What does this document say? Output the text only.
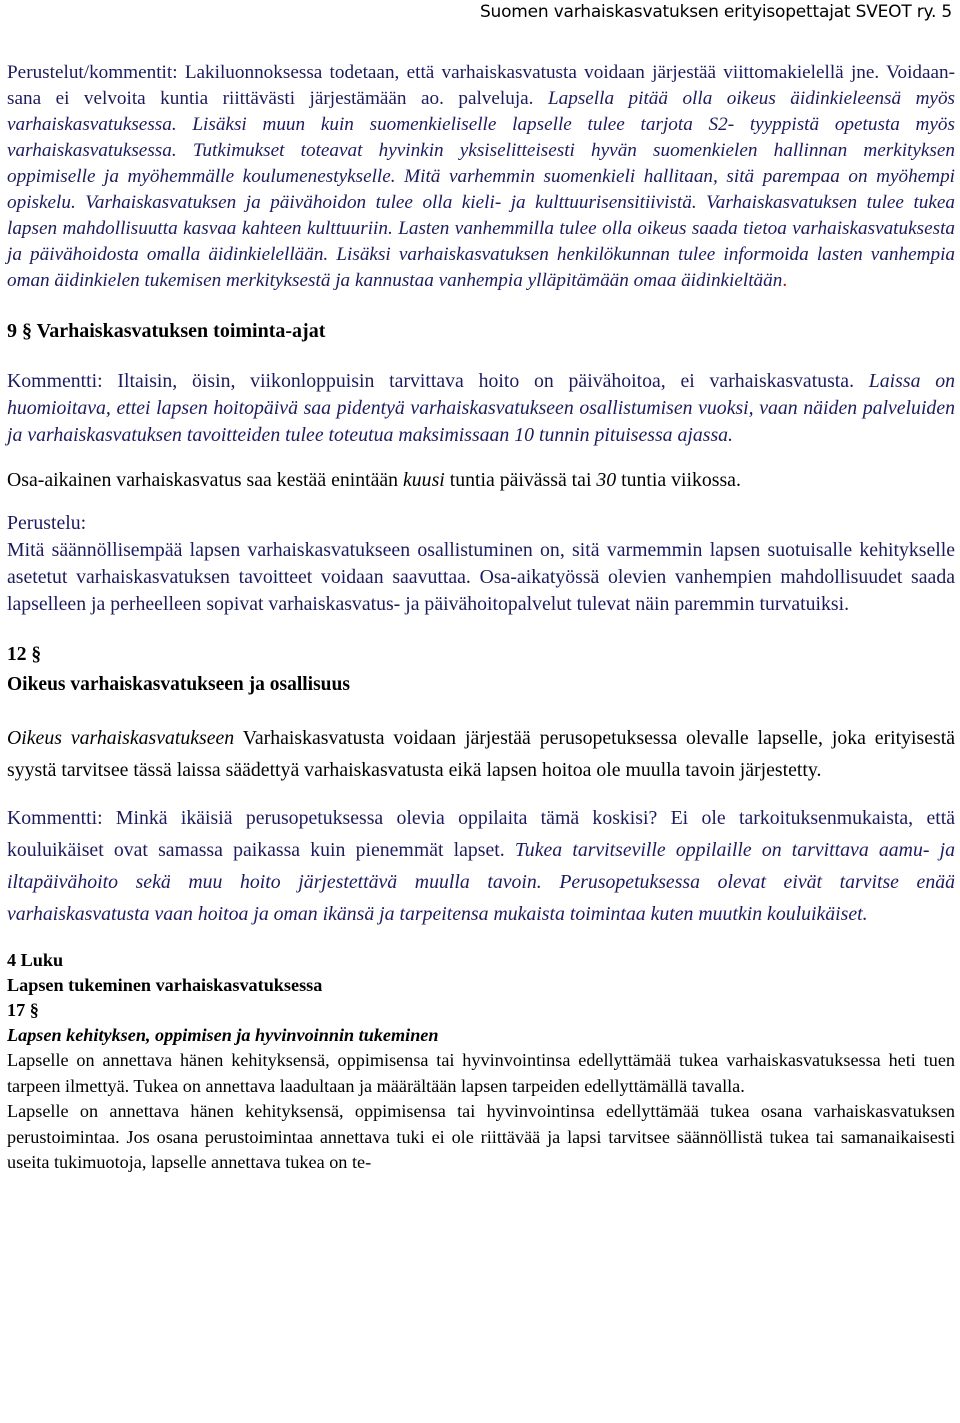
Suomen varhaiskasvatuksen erityisopettajat SVEOT ry. 5

Perustelut/kommentit: Lakiluonnoksessa todetaan, että varhaiskasvatusta voidaan järjestää viittomakielellä jne. Voidaan- sana ei velvoita kuntia riittävästi järjestämään ao. palveluja. Lapsella pitää olla oikeus äidinkieleensä myös varhaiskasvatuksessa. Lisäksi muun kuin suomenkieliselle lapselle tulee tarjota S2- tyyppistä opetusta myös varhaiskasvatuksessa. Tutkimukset toteavat hyvinkin yksiselitteisesti hyvän suomenkielen hallinnan merkityksen oppimiselle ja myöhemmälle koulumenestykselle. Mitä varhemmin suomenkieli hallitaan, sitä parempaa on myöhempi opiskelu. Varhaiskasvatuksen ja päivähoidon tulee olla kieli- ja kulttuurisensitiivistä. Varhaiskasvatuksen tulee tukea lapsen mahdollisuutta kasvaa kahteen kulttuuriin. Lasten vanhemmilla tulee olla oikeus saada tietoa varhaiskasvatuksesta ja päivähoidosta omalla äidinkielellään. Lisäksi varhaiskasvatuksen henkilökunnan tulee informoida lasten vanhempia oman äidinkielen tukemisen merkityksestä ja kannustaa vanhempia ylläpitämään omaa äidinkieltään.

9 § Varhaiskasvatuksen toiminta-ajat

Kommentti: Iltaisin, öisin, viikonloppuisin tarvittava hoito on päivähoitoa, ei varhaiskasvatusta. Laissa on huomioitava, ettei lapsen hoitopäivä saa pidentyä varhaiskasvatukseen osallistumisen vuoksi, vaan näiden palveluiden ja varhaiskasvatuksen tavoitteiden tulee toteutua maksimissaan 10 tunnin pituisessa ajassa.

Osa-aikainen varhaiskasvatus saa kestää enintään kuusi tuntia päivässä tai 30 tuntia viikossa.

Perustelu:

Mitä säännöllisempää lapsen varhaiskasvatukseen osallistuminen on, sitä varmemmin lapsen suotuisalle kehitykselle asetetut varhaiskasvatuksen tavoitteet voidaan saavuttaa. Osa-aikatyössä olevien vanhempien mahdollisuudet saada lapselleen ja perheelleen sopivat varhaiskasvatus- ja päivähoitopalvelut tulevat näin paremmin turvatuiksi.

12 §

Oikeus varhaiskasvatukseen ja osallisuus

Oikeus varhaiskasvatukseen Varhaiskasvatusta voidaan järjestää perusopetuksessa olevalle lapselle, joka erityisestä syystä tarvitsee tässä laissa säädettyä varhaiskasvatusta eikä lapsen hoitoa ole muulla tavoin järjestetty.

Kommentti: Minkä ikäisiä perusopetuksessa olevia oppilaita tämä koskisi? Ei ole tarkoituksenmukaista, että kouluikäiset ovat samassa paikassa kuin pienemmät lapset. Tukea tarvitseville oppilaille on tarvittava aamu- ja iltapäivähoito sekä muu hoito järjestettävä muulla tavoin. Perusopetuksessa olevat eivät tarvitse enää varhaiskasvatusta vaan hoitoa ja oman ikänsä ja tarpeitensa mukaista toimintaa kuten muutkin kouluikäiset.

4 Luku

Lapsen tukeminen varhaiskasvatuksessa

17 §

Lapsen kehityksen, oppimisen ja hyvinvoinnin tukeminen

Lapselle on annettava hänen kehityksensä, oppimisensa tai hyvinvointinsa edellyttämää tukea varhaiskasvatuksessa heti tuen tarpeen ilmettyä. Tukea on annettava laadultaan ja määrältään lapsen tarpeiden edellyttämällä tavalla.

Lapselle on annettava hänen kehityksensä, oppimisensa tai hyvinvointinsa edellyttämää tukea osana varhaiskasvatuksen perustoimintaa. Jos osana perustoimintaa annettava tuki ei ole riittävää ja lapsi tarvitsee säännöllistä tukea tai samanaikaisesti useita tukimuotoja, lapselle annettava tukea on te-
